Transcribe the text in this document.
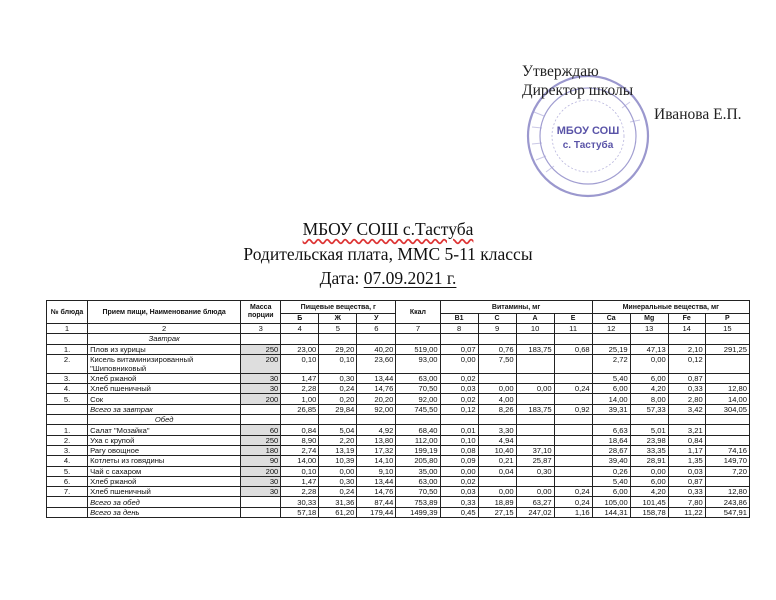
МБОУ СОШ
с. Тастуба
Утверждаю
Директор школы
Иванова Е.П.
МБОУ СОШ с.Тастуба
Родительская плата, ММС 5-11 классы
Дата: 07.09.2021 г.
№ блюда	Прием пищи, Наименование блюда	Масса порции	Пищевые вещества, г			Ккал	Витамины, мг				Минеральные вещества, мг			
			Б	Ж	У		B1	C	A	E	Ca	Mg	Fe	P
1	2	3	4	5	6	7	8	9	10	11	12	13	14	15
	Завтрак													
1.	Плов из курицы	250	23,00	29,20	40,20	519,00	0,07	0,76	183,75	0,68	25,19	47,13	2,10	291,25
2.	Кисель витаминизированный "Шиповниковый	200	0,10	0,10	23,60	93,00	0,00	7,50			2,72	0,00	0,12	
3.	Хлеб ржаной	30	1,47	0,30	13,44	63,00	0,02				5,40	6,00	0,87	
4.	Хлеб пшеничный	30	2,28	0,24	14,76	70,50	0,03	0,00	0,00	0,24	6,00	4,20	0,33	12,80
5.	Сок	200	1,00	0,20	20,20	92,00	0,02	4,00			14,00	8,00	2,80	14,00
	Всего за завтрак		26,85	29,84	92,00	745,50	0,12	8,26	183,75	0,92	39,31	57,33	3,42	304,05
	Обед													
1.	Салат "Мозайка"	60	0,84	5,04	4,92	68,40	0,01	3,30			6,63	5,01	3,21	
2.	Уха с крупой	250	8,90	2,20	13,80	112,00	0,10	4,94			18,64	23,98	0,84	
3.	Рагу овощное	180	2,74	13,19	17,32	199,19	0,08	10,40	37,10		28,67	33,35	1,17	74,16
4.	Котлеты из говядины	90	14,00	10,39	14,10	205,80	0,09	0,21	25,87		39,40	28,91	1,35	149,70
5.	Чай с сахаром	200	0,10	0,00	9,10	35,00	0,00	0,04	0,30		0,26	0,00	0,03	7,20
6.	Хлеб ржаной	30	1,47	0,30	13,44	63,00	0,02				5,40	6,00	0,87	
7.	Хлеб пшеничный	30	2,28	0,24	14,76	70,50	0,03	0,00	0,00	0,24	6,00	4,20	0,33	12,80
	Всего за обед		30,33	31,36	87,44	753,89	0,33	18,89	63,27	0,24	105,00	101,45	7,80	243,86
	Всего за день		57,18	61,20	179,44	1499,39	0,45	27,15	247,02	1,16	144,31	158,78	11,22	547,91
